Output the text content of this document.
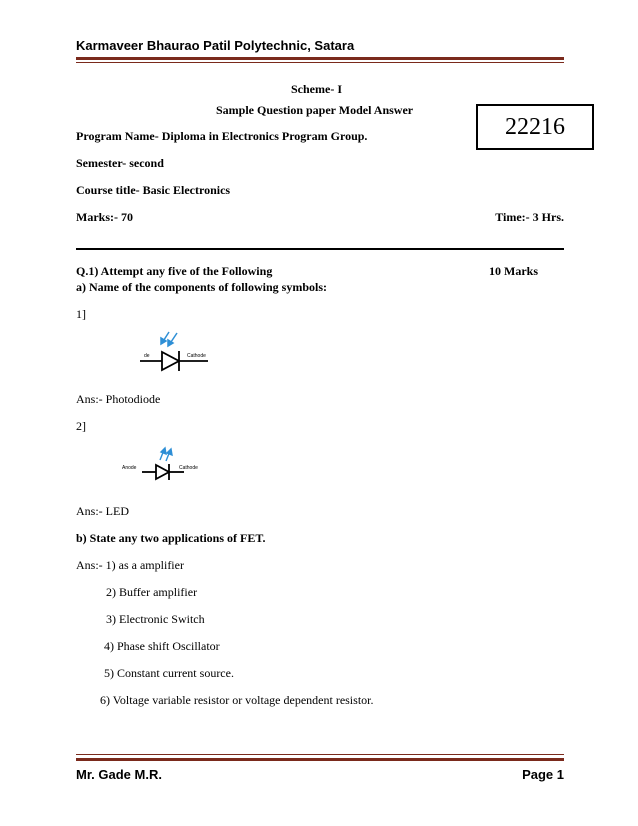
Karmaveer Bhaurao Patil Polytechnic, Satara
Scheme- I
Sample Question paper Model Answer
22216
Program Name- Diploma in Electronics Program Group.
Semester- second
Course title- Basic Electronics
Marks:- 70	Time:- 3 Hrs.
Q.1) Attempt any five of the Following	10 Marks
a) Name of the components of following symbols:
1]
de	Cathode
Ans:- Photodiode
2]
Anode	Cathode
Ans:- LED
b) State any two applications of FET.
Ans:- 1) as a amplifier
2) Buffer amplifier
3) Electronic Switch
4) Phase shift Oscillator
5) Constant current source.
6) Voltage variable resistor or voltage dependent resistor.
Mr. Gade M.R.	Page 1
